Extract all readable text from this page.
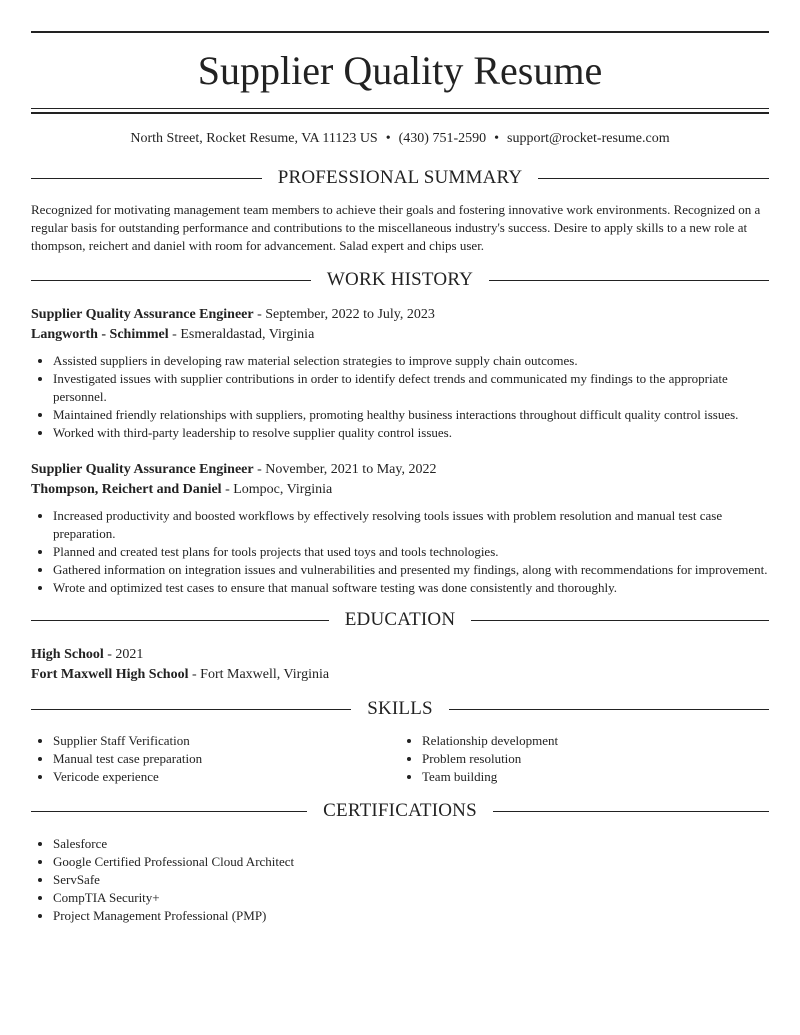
Supplier Quality Resume
North Street, Rocket Resume, VA 11123 US • (430) 751-2590 • support@rocket-resume.com
PROFESSIONAL SUMMARY
Recognized for motivating management team members to achieve their goals and fostering innovative work environments. Recognized on a regular basis for outstanding performance and contributions to the miscellaneous industry's success. Desire to apply skills to a new role at thompson, reichert and daniel with room for advancement. Salad expert and chips user.
WORK HISTORY
Supplier Quality Assurance Engineer - September, 2022 to July, 2023
Langworth - Schimmel - Esmeraldastad, Virginia
• Assisted suppliers in developing raw material selection strategies to improve supply chain outcomes.
• Investigated issues with supplier contributions in order to identify defect trends and communicated my findings to the appropriate personnel.
• Maintained friendly relationships with suppliers, promoting healthy business interactions throughout difficult quality control issues.
• Worked with third-party leadership to resolve supplier quality control issues.
Supplier Quality Assurance Engineer - November, 2021 to May, 2022
Thompson, Reichert and Daniel - Lompoc, Virginia
• Increased productivity and boosted workflows by effectively resolving tools issues with problem resolution and manual test case preparation.
• Planned and created test plans for tools projects that used toys and tools technologies.
• Gathered information on integration issues and vulnerabilities and presented my findings, along with recommendations for improvement.
• Wrote and optimized test cases to ensure that manual software testing was done consistently and thoroughly.
EDUCATION
High School - 2021
Fort Maxwell High School - Fort Maxwell, Virginia
SKILLS
• Supplier Staff Verification
• Manual test case preparation
• Vericode experience
• Relationship development
• Problem resolution
• Team building
CERTIFICATIONS
• Salesforce
• Google Certified Professional Cloud Architect
• ServSafe
• CompTIA Security+
• Project Management Professional (PMP)
